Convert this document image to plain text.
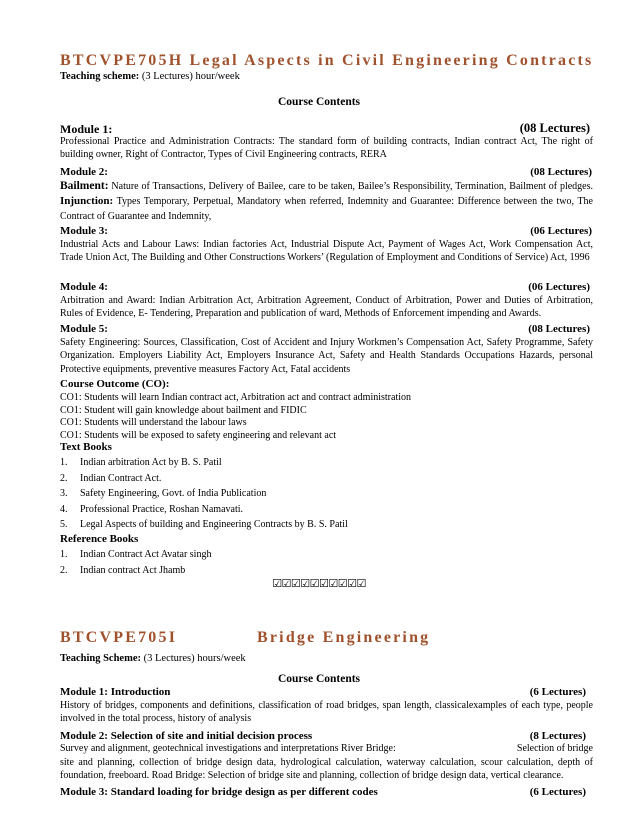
BTCVPE705H Legal Aspects in Civil Engineering Contracts
Teaching scheme: (3 Lectures) hour/week
Course Contents
Module 1:	(08 Lectures)
Professional Practice and Administration Contracts: The standard form of building contracts, Indian contract Act, The right of building owner, Right of Contractor, Types of Civil Engineering contracts, RERA
Module 2:	(08 Lectures)
Bailment: Nature of Transactions, Delivery of Bailee, care to be taken, Bailee’s Responsibility, Termination, Bailment of pledges. Injunction: Types Temporary, Perpetual, Mandatory when referred, Indemnity and Guarantee: Difference between the two, The Contract of Guarantee and Indemnity,
Module 3:	(06 Lectures)
Industrial Acts and Labour Laws: Indian factories Act, Industrial Dispute Act, Payment of Wages Act, Work Compensation Act, Trade Union Act, The Building and Other Constructions Workers’ (Regulation of Employment and Conditions of Service) Act, 1996
Module 4:	(06 Lectures)
Arbitration and Award: Indian Arbitration Act, Arbitration Agreement, Conduct of Arbitration, Power and Duties of Arbitration, Rules of Evidence, E- Tendering, Preparation and publication of ward, Methods of Enforcement impending and Awards.
Module 5:	(08 Lectures)
Safety Engineering: Sources, Classification, Cost of Accident and Injury Workmen’s Compensation Act, Safety Programme, Safety Organization. Employers Liability Act, Employers Insurance Act, Safety and Health Standards Occupations Hazards, personal Protective equipments, preventive measures Factory Act, Fatal accidents
Course Outcome (CO):
CO1: Students will learn Indian contract act, Arbitration act and contract administration
CO1: Student will gain knowledge about bailment and FIDIC
CO1: Students will understand the labour laws
CO1: Students will be exposed to safety engineering and relevant act
Text Books
1. Indian arbitration Act by B. S. Patil
2. Indian Contract Act.
3. Safety Engineering, Govt. of India Publication
4. Professional Practice, Roshan Namavati.
5. Legal Aspects of building and Engineering Contracts by B. S. Patil
Reference Books
1. Indian Contract Act Avatar singh
2. Indian contract Act Jhamb
☑☑☑☑☑☑☑☑☑☑
BTCVPE705I	Bridge Engineering
Teaching Scheme: (3 Lectures) hours/week
Course Contents
Module 1: Introduction	(6 Lectures)
History of bridges, components and definitions, classification of road bridges, span length, classicalexamples of each type, people involved in the total process, history of analysis
Module 2: Selection of site and initial decision process	(8 Lectures)
Survey and alignment, geotechnical investigations and interpretations River Bridge:	Selection of bridge
site and planning, collection of bridge design data, hydrological calculation, waterway calculation, scour calculation, depth of foundation, freeboard. Road Bridge: Selection of bridge site and planning, collection of bridge design data, vertical clearance.
Module 3: Standard loading for bridge design as per different codes	(6 Lectures)
